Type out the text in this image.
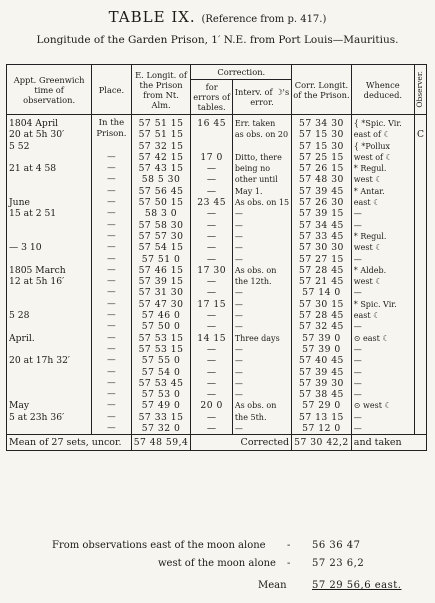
TABLE IX. (Reference from p. 417.)
Longitude of the Garden Prison, 1′ N.E. from Port Louis—Mauritius.
Appt. Greenwich time of observation.	Place.	E. Longit. of the Prison from Nt. Alm.	Correction.		Corr. Longit. of the Prison.	Whence deduced.	Observer.

			for errors of tables.	Interv. of ☽'s error.			
1804 April	In the	57 51 15	16 45	Err. taken	57 34 30	{ *Spic. Vir.	
20 at 5h 30′	Prison.	57 51 15		as obs. on 20	57 15 30	east of ☾	C
5 52		57 32 15			57 15 30	{ *Pollux	
	—	57 42 15	17 0	Ditto, there	57 25 15	west of ☾	
21 at 4 58	—	57 43 15	—	being no	57 26 15	* Regul.	
	—	58 5 30	—	other until	57 48 30	west ☾	
	—	57 56 45	—	May 1.	57 39 45	* Antar.	
June	—	57 50 15	23 45	As obs. on 15	57 26 30	east ☾	
15 at 2 51	—	58 3 0	—	—	57 39 15	—	
	—	57 58 30	—	—	57 34 45	—	
	—	57 57 30	—	—	57 33 45	* Regul.	
— 3 10	—	57 54 15	—	—	57 30 30	west ☾	
	—	57 51 0	—	—	57 27 15	—	
1805 March	—	57 46 15	17 30	As obs. on	57 28 45	* Aldeb.	
12 at 5h 16′	—	57 39 15	—	the 12th.	57 21 45	west ☾	
	—	57 31 30	—	—	57 14 0	—	
	—	57 47 30	17 15	—	57 30 15	* Spic. Vir.	
5 28	—	57 46 0	—	—	57 28 45	east ☾	
	—	57 50 0	—	—	57 32 45	—	
April.	—	57 53 15	14 15	Three days	57 39 0	⊙ east ☾	
	—	57 53 15	—	—	57 39 0	—	
20 at 17h 32′	—	57 55 0	—	—	57 40 45	—	
	—	57 54 0	—	—	57 39 45	—	
	—	57 53 45	—	—	57 39 30	—	
	—	57 53 0	—	—	57 38 45	—	
May	—	57 49 0	20 0	As obs. on	57 29 0	⊙ west ☾	
5 at 23h 36′	—	57 33 15	—	the 5th.	57 13 15	—	
	—	57 32 0	—	—	57 12 0	—	
Mean of 27 sets, uncor.		57 48 59,4	Corrected		57 30 42,2	and taken	
From observations east of the moon alone - 56 36 47
west of the moon alone - 57 23 6,2
Mean	57 29 56,6 east.
